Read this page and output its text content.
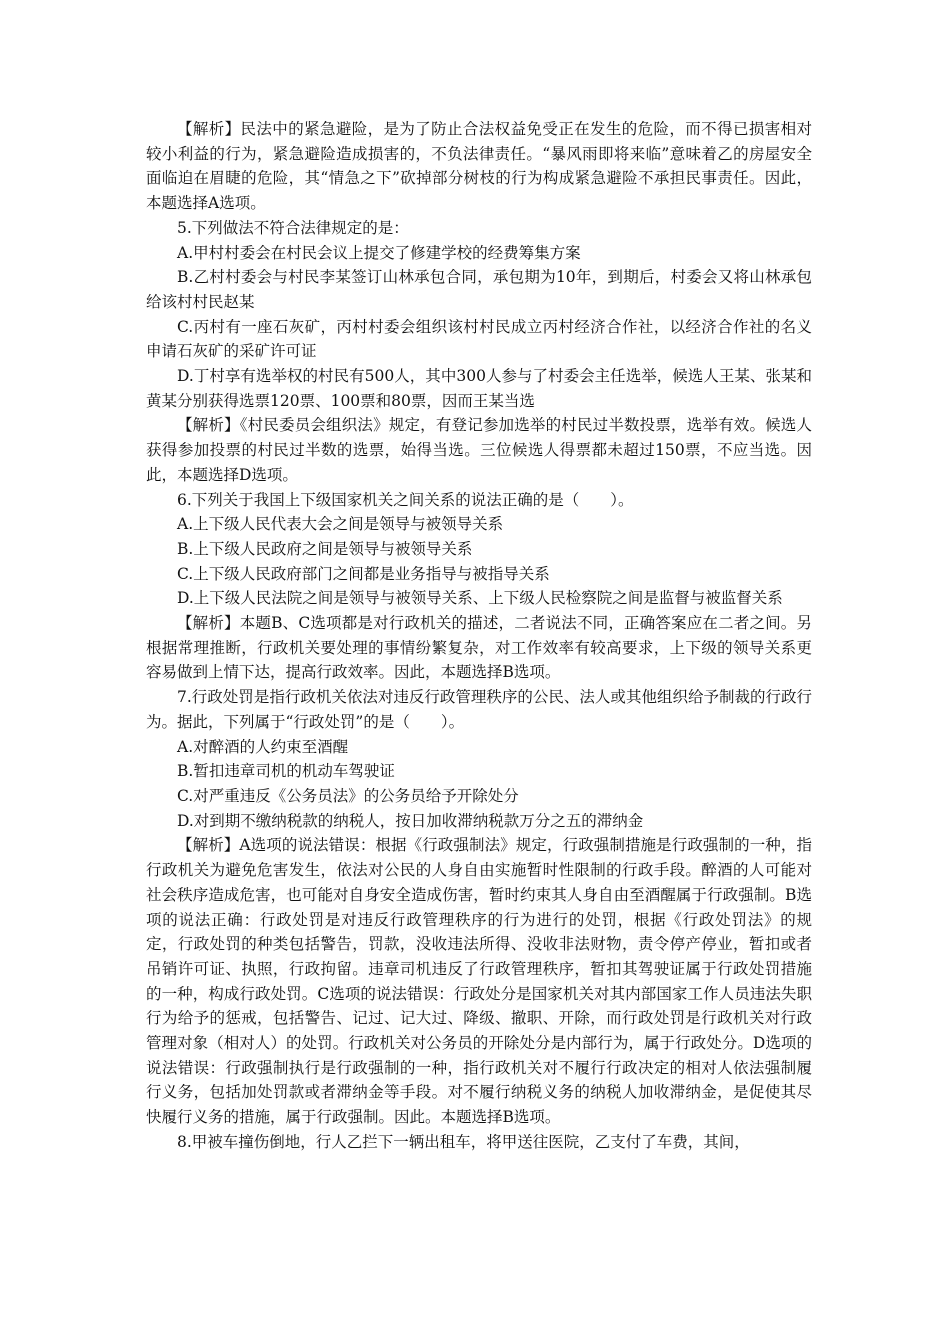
【解析】民法中的紧急避险，是为了防止合法权益免受正在发生的危险，而不得已损害相对较小利益的行为，紧急避险造成损害的，不负法律责任。“暴风雨即将来临”意味着乙的房屋安全面临迫在眉睫的危险，其“情急之下”砍掉部分树枝的行为构成紧急避险不承担民事责任。因此，本题选择A选项。

5.下列做法不符合法律规定的是：

A.甲村村委会在村民会议上提交了修建学校的经费筹集方案

B.乙村村委会与村民李某签订山林承包合同，承包期为10年，到期后，村委会又将山林承包给该村村民赵某

C.丙村有一座石灰矿，丙村村委会组织该村村民成立丙村经济合作社，以经济合作社的名义申请石灰矿的采矿许可证

D.丁村享有选举权的村民有500人，其中300人参与了村委会主任选举，候选人王某、张某和黄某分别获得选票120票、100票和80票，因而王某当选

【解析】《村民委员会组织法》规定，有登记参加选举的村民过半数投票，选举有效。候选人获得参加投票的村民过半数的选票，始得当选。三位候选人得票都未超过150票，不应当选。因此，本题选择D选项。

6.下列关于我国上下级国家机关之间关系的说法正确的是（　　）。

A.上下级人民代表大会之间是领导与被领导关系

B.上下级人民政府之间是领导与被领导关系

C.上下级人民政府部门之间都是业务指导与被指导关系

D.上下级人民法院之间是领导与被领导关系、上下级人民检察院之间是监督与被监督关系

【解析】本题B、C选项都是对行政机关的描述，二者说法不同，正确答案应在二者之间。另根据常理推断，行政机关要处理的事情纷繁复杂，对工作效率有较高要求，上下级的领导关系更容易做到上情下达，提高行政效率。因此，本题选择B选项。

7.行政处罚是指行政机关依法对违反行政管理秩序的公民、法人或其他组织给予制裁的行政行为。据此，下列属于“行政处罚”的是（　　）。

A.对醉酒的人约束至酒醒

B.暂扣违章司机的机动车驾驶证

C.对严重违反《公务员法》的公务员给予开除处分

D.对到期不缴纳税款的纳税人，按日加收滞纳税款万分之五的滞纳金

【解析】A选项的说法错误：根据《行政强制法》规定，行政强制措施是行政强制的一种，指行政机关为避免危害发生，依法对公民的人身自由实施暂时性限制的行政手段。醉酒的人可能对社会秩序造成危害，也可能对自身安全造成伤害，暂时约束其人身自由至酒醒属于行政强制。B选项的说法正确：行政处罚是对违反行政管理秩序的行为进行的处罚，根据《行政处罚法》的规定，行政处罚的种类包括警告，罚款，没收违法所得、没收非法财物，责令停产停业，暂扣或者吊销许可证、执照，行政拘留。违章司机违反了行政管理秩序，暂扣其驾驶证属于行政处罚措施的一种，构成行政处罚。C选项的说法错误：行政处分是国家机关对其内部国家工作人员违法失职行为给予的惩戒，包括警告、记过、记大过、降级、撤职、开除，而行政处罚是行政机关对行政管理对象（相对人）的处罚。行政机关对公务员的开除处分是内部行为，属于行政处分。D选项的说法错误：行政强制执行是行政强制的一种，指行政机关对不履行行政决定的相对人依法强制履行义务，包括加处罚款或者滞纳金等手段。对不履行纳税义务的纳税人加收滞纳金，是促使其尽快履行义务的措施，属于行政强制。因此。本题选择B选项。

8.甲被车撞伤倒地，行人乙拦下一辆出租车，将甲送往医院，乙支付了车费，其间，
